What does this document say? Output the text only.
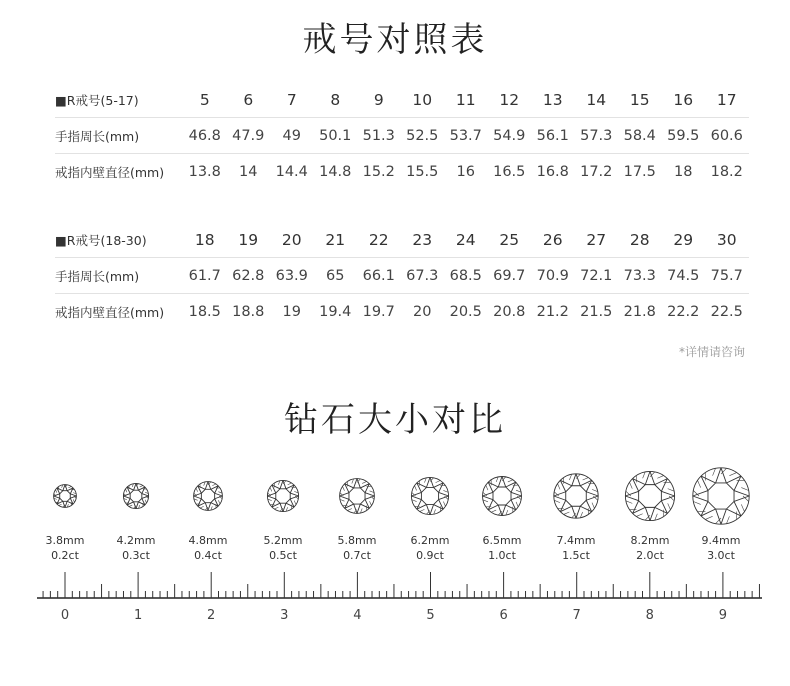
戒号对照表
■R戒号(5-17)	5	6	7	8	9	10	11	12	13	14	15	16	17
手指周长(mm)	46.8	47.9	49	50.1	51.3	52.5	53.7	54.9	56.1	57.3	58.4	59.5	60.6
戒指内壁直径(mm)	13.8	14	14.4	14.8	15.2	15.5	16	16.5	16.8	17.2	17.5	18	18.2
■R戒号(18-30)	18	19	20	21	22	23	24	25	26	27	28	29	30
手指周长(mm)	61.7	62.8	63.9	65	66.1	67.3	68.5	69.7	70.9	72.1	73.3	74.5	75.7
戒指内壁直径(mm)	18.5	18.8	19	19.4	19.7	20	20.5	20.8	21.2	21.5	21.8	22.2	22.5
*详情请咨询
钻石大小对比
3.8mm
0.2ct
4.2mm
0.3ct
4.8mm
0.4ct
5.2mm
0.5ct
5.8mm
0.7ct
6.2mm
0.9ct
6.5mm
1.0ct
7.4mm
1.5ct
8.2mm
2.0ct
9.4mm
3.0ct
0	1	2	3	4	5	6	7	8	9
